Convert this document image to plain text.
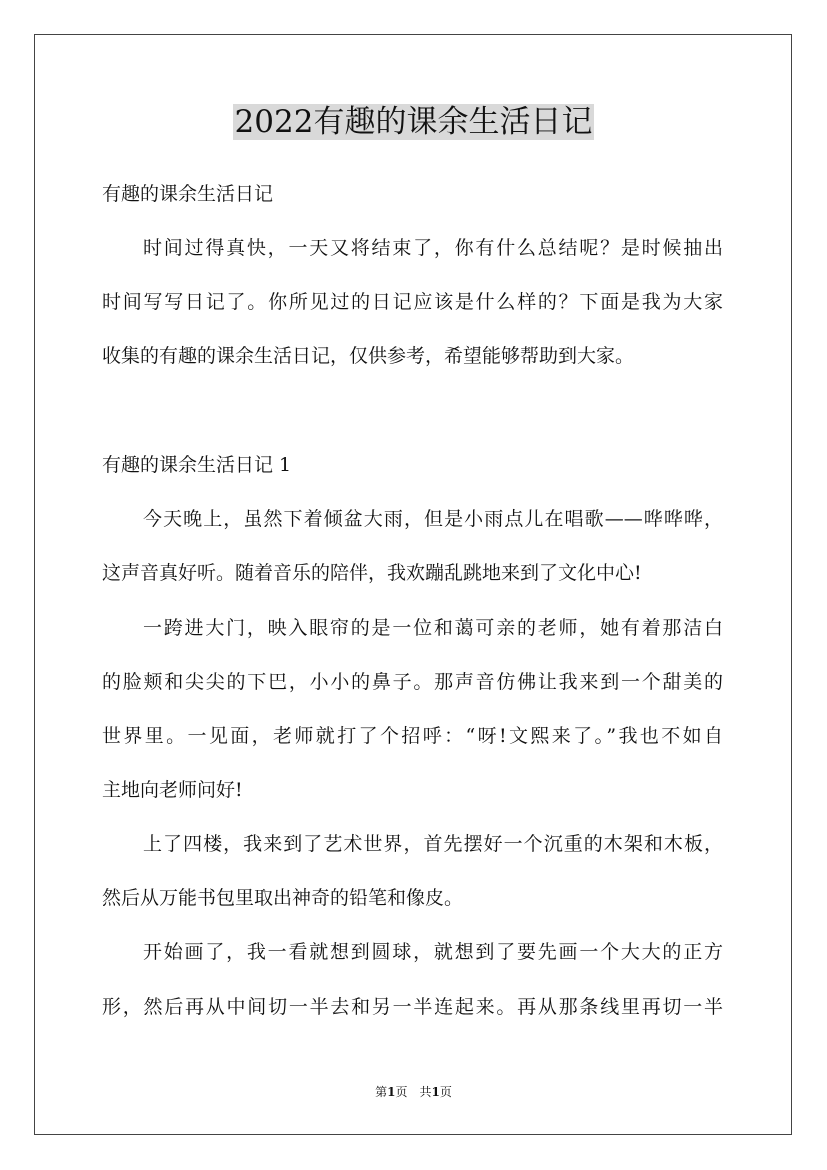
2022有趣的课余生活日记

有趣的课余生活日记

时间过得真快，一天又将结束了，你有什么总结呢？是时候抽出

时间写写日记了。你所见过的日记应该是什么样的？下面是我为大家

收集的有趣的课余生活日记，仅供参考，希望能够帮助到大家。

有趣的课余生活日记 1

今天晚上，虽然下着倾盆大雨，但是小雨点儿在唱歌——哗哗哗，

这声音真好听。随着音乐的陪伴，我欢蹦乱跳地来到了文化中心!

一跨进大门，映入眼帘的是一位和蔼可亲的老师，她有着那洁白

的脸颊和尖尖的下巴，小小的鼻子。那声音仿佛让我来到一个甜美的

世界里。一见面，老师就打了个招呼：“呀!文熙来了。”我也不如自

主地向老师问好!

上了四楼，我来到了艺术世界，首先摆好一个沉重的木架和木板，

然后从万能书包里取出神奇的铅笔和像皮。

开始画了，我一看就想到圆球，就想到了要先画一个大大的正方

形，然后再从中间切一半去和另一半连起来。再从那条线里再切一半

第1页　共1页
